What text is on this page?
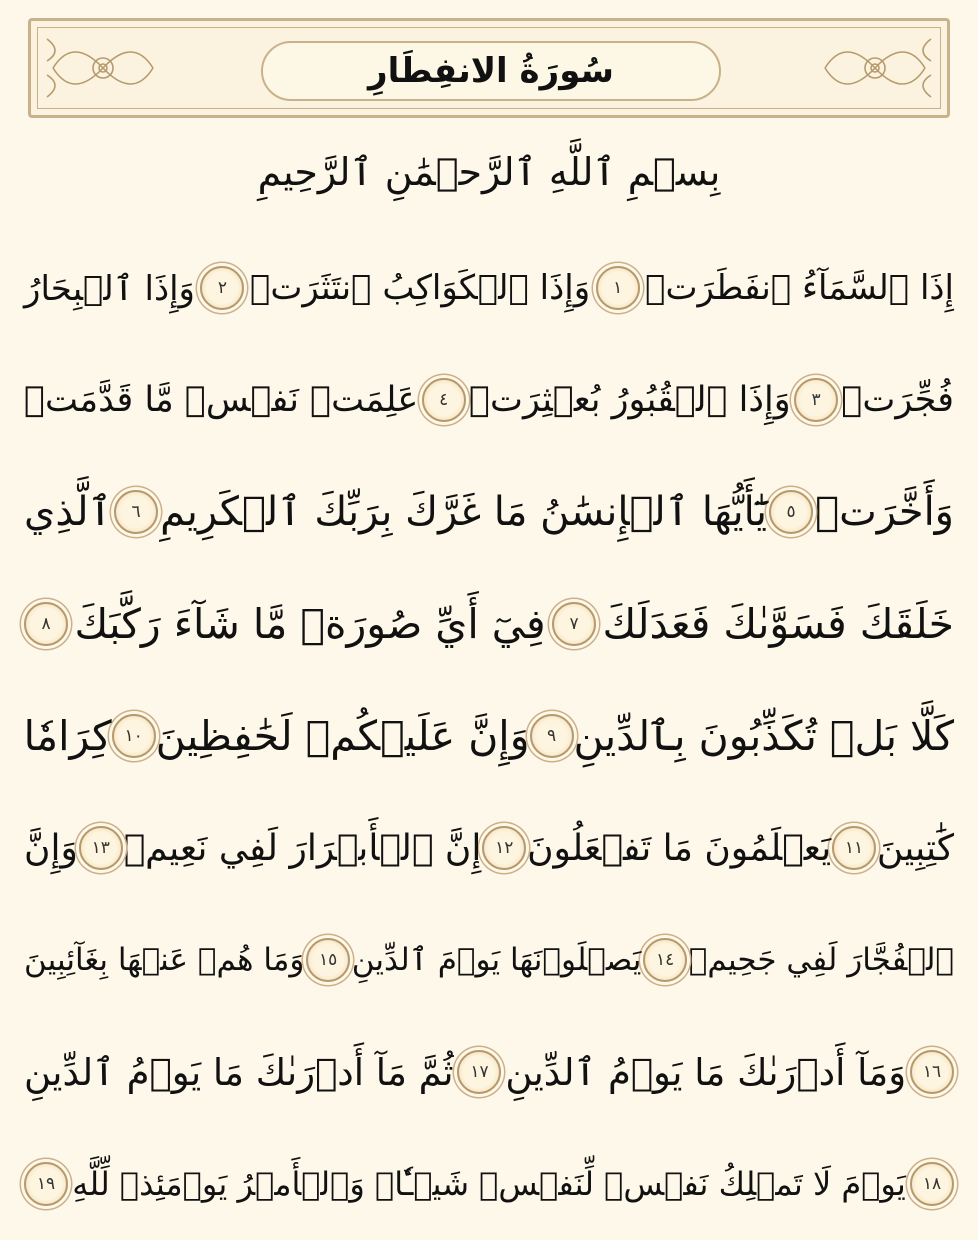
سُورَةُ الانفِطَارِ
بِسۡمِ ٱللَّهِ ٱلرَّحۡمَٰنِ ٱلرَّحِيمِ
إِذَا ٱلسَّمَآءُ ٱنفَطَرَتۡ
١
وَإِذَا ٱلۡكَوَاكِبُ ٱنتَثَرَتۡ
٢
وَإِذَا ٱلۡبِحَارُ
فُجِّرَتۡ
٣
وَإِذَا ٱلۡقُبُورُ بُعۡثِرَتۡ
٤
عَلِمَتۡ نَفۡسٞ مَّا قَدَّمَتۡ
وَأَخَّرَتۡ
٥
يَٰٓأَيُّهَا ٱلۡإِنسَٰنُ مَا غَرَّكَ بِرَبِّكَ ٱلۡكَرِيمِ
٦
ٱلَّذِي
خَلَقَكَ فَسَوَّىٰكَ فَعَدَلَكَ
٧
فِيٓ أَيِّ صُورَةٖ مَّا شَآءَ رَكَّبَكَ
٨
كَلَّا بَلۡ تُكَذِّبُونَ بِٱلدِّينِ
٩
وَإِنَّ عَلَيۡكُمۡ لَحَٰفِظِينَ
١٠
كِرَامٗا
كَٰتِبِينَ
١١
يَعۡلَمُونَ مَا تَفۡعَلُونَ
١٢
إِنَّ ٱلۡأَبۡرَارَ لَفِي نَعِيمٖ
١٣
وَإِنَّ
ٱلۡفُجَّارَ لَفِي جَحِيمٖ
١٤
يَصۡلَوۡنَهَا يَوۡمَ ٱلدِّينِ
١٥
وَمَا هُمۡ عَنۡهَا بِغَآئِبِينَ
١٦
وَمَآ أَدۡرَىٰكَ مَا يَوۡمُ ٱلدِّينِ
١٧
ثُمَّ مَآ أَدۡرَىٰكَ مَا يَوۡمُ ٱلدِّينِ
١٨
يَوۡمَ لَا تَمۡلِكُ نَفۡسٞ لِّنَفۡسٖ شَيۡـٔٗاۖ وَٱلۡأَمۡرُ يَوۡمَئِذٖ لِّلَّهِ
١٩
